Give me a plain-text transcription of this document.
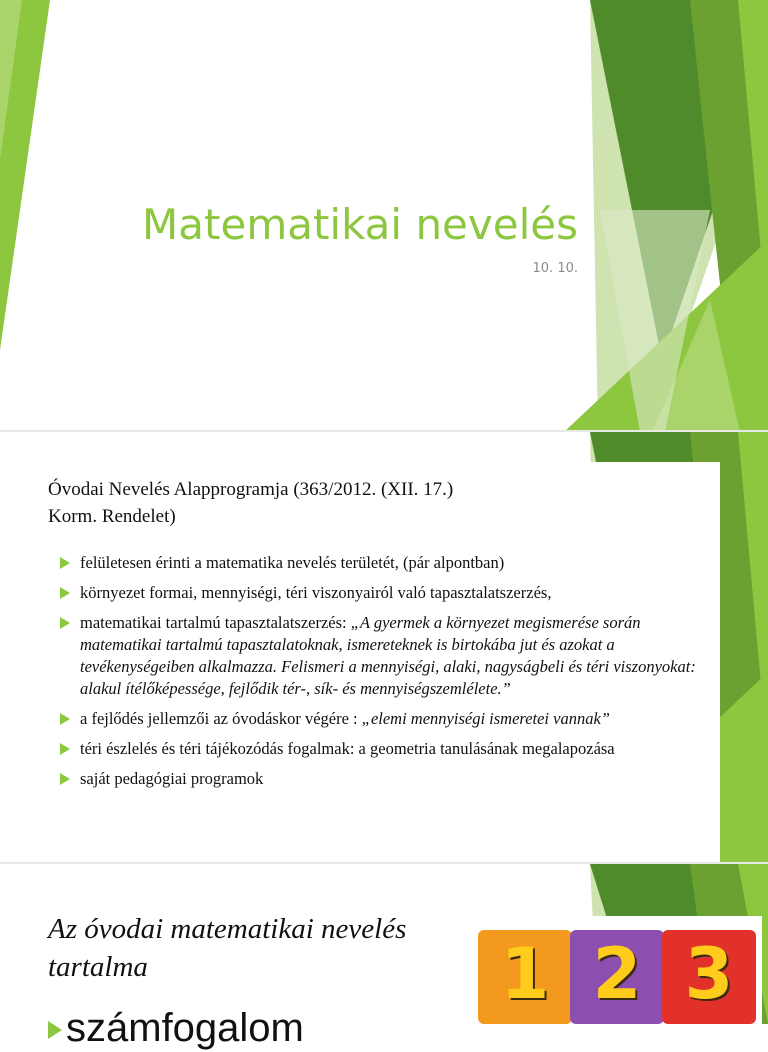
Matematikai nevelés
10. 10.
Óvodai Nevelés Alapprogramja (363/2012. (XII. 17.)
Korm. Rendelet)
felületesen érinti a matematika nevelés területét, (pár alpontban)
környezet formai, mennyiségi, téri viszonyairól való tapasztalatszerzés,
matematikai tartalmú tapasztalatszerzés: „A gyermek a környezet megismerése során matematikai tartalmú tapasztalatoknak, ismereteknek is birtokába jut és azokat a tevékenységeiben alkalmazza. Felismeri a mennyiségi, alaki, nagyságbeli és téri viszonyokat: alakul ítélőképessége, fejlődik tér-, sík- és mennyiségszemlélete.”
a fejlődés jellemzői az óvodáskor végére : „elemi mennyiségi ismeretei vannak”
téri észlelés és téri tájékozódás fogalmak: a geometria tanulásának megalapozása
saját pedagógiai programok
Az óvodai matematikai nevelés tartalma
számfogalom
1 2 3
